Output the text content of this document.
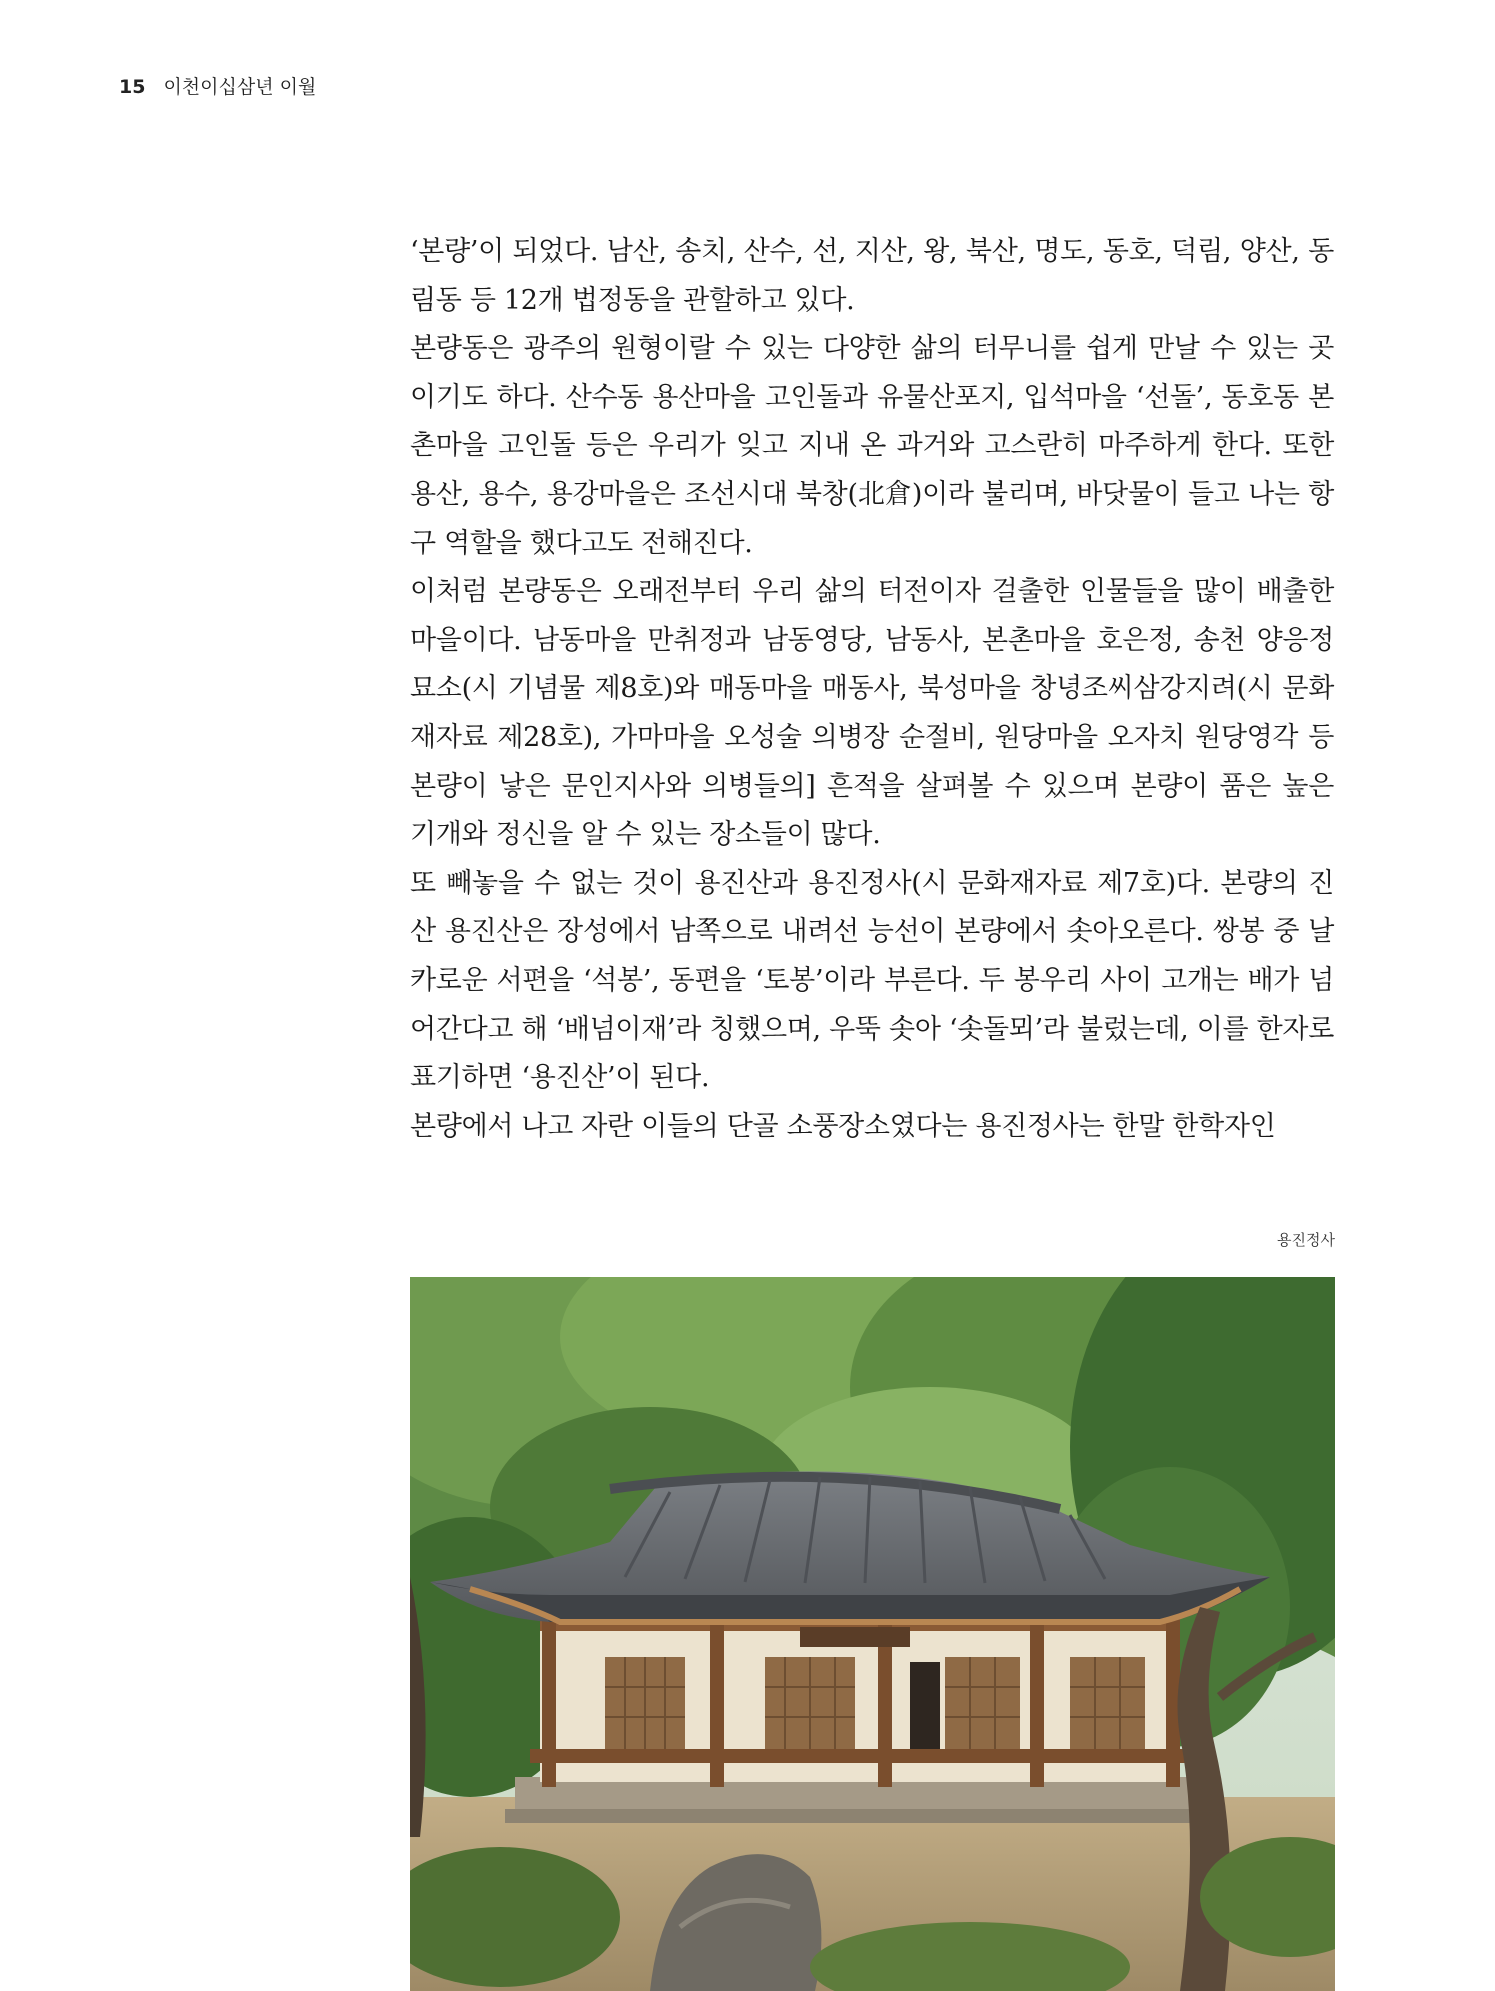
15 이천이십삼년 이월

‘본량’이 되었다. 남산, 송치, 산수, 선, 지산, 왕, 북산, 명도, 동호, 덕림, 양산, 동림동 등 12개 법정동을 관할하고 있다.

본량동은 광주의 원형이랄 수 있는 다양한 삶의 터무니를 쉽게 만날 수 있는 곳이기도 하다. 산수동 용산마을 고인돌과 유물산포지, 입석마을 ‘선돌’, 동호동 본촌마을 고인돌 등은 우리가 잊고 지내 온 과거와 고스란히 마주하게 한다. 또한 용산, 용수, 용강마을은 조선시대 북창(北倉)이라 불리며, 바닷물이 들고 나는 항구 역할을 했다고도 전해진다.

이처럼 본량동은 오래전부터 우리 삶의 터전이자 걸출한 인물들을 많이 배출한 마을이다. 남동마을 만취정과 남동영당, 남동사, 본촌마을 호은정, 송천 양응정 묘소(시 기념물 제8호)와 매동마을 매동사, 북성마을 창녕조씨삼강지려(시 문화재자료 제28호), 가마마을 오성술 의병장 순절비, 원당마을 오자치 원당영각 등 본량이 낳은 문인지사와 의병들의] 흔적을 살펴볼 수 있으며 본량이 품은 높은 기개와 정신을 알 수 있는 장소들이 많다.

또 빼놓을 수 없는 것이 용진산과 용진정사(시 문화재자료 제7호)다. 본량의 진산 용진산은 장성에서 남쪽으로 내려선 능선이 본량에서 솟아오른다. 쌍봉 중 날카로운 서편을 ‘석봉’, 동편을 ‘토봉’이라 부른다. 두 봉우리 사이 고개는 배가 넘어간다고 해 ‘배넘이재’라 칭했으며, 우뚝 솟아 ‘솟돌뫼’라 불렀는데, 이를 한자로 표기하면 ‘용진산’이 된다.

본량에서 나고 자란 이들의 단골 소풍장소였다는 용진정사는 한말 한학자인

용진정사
